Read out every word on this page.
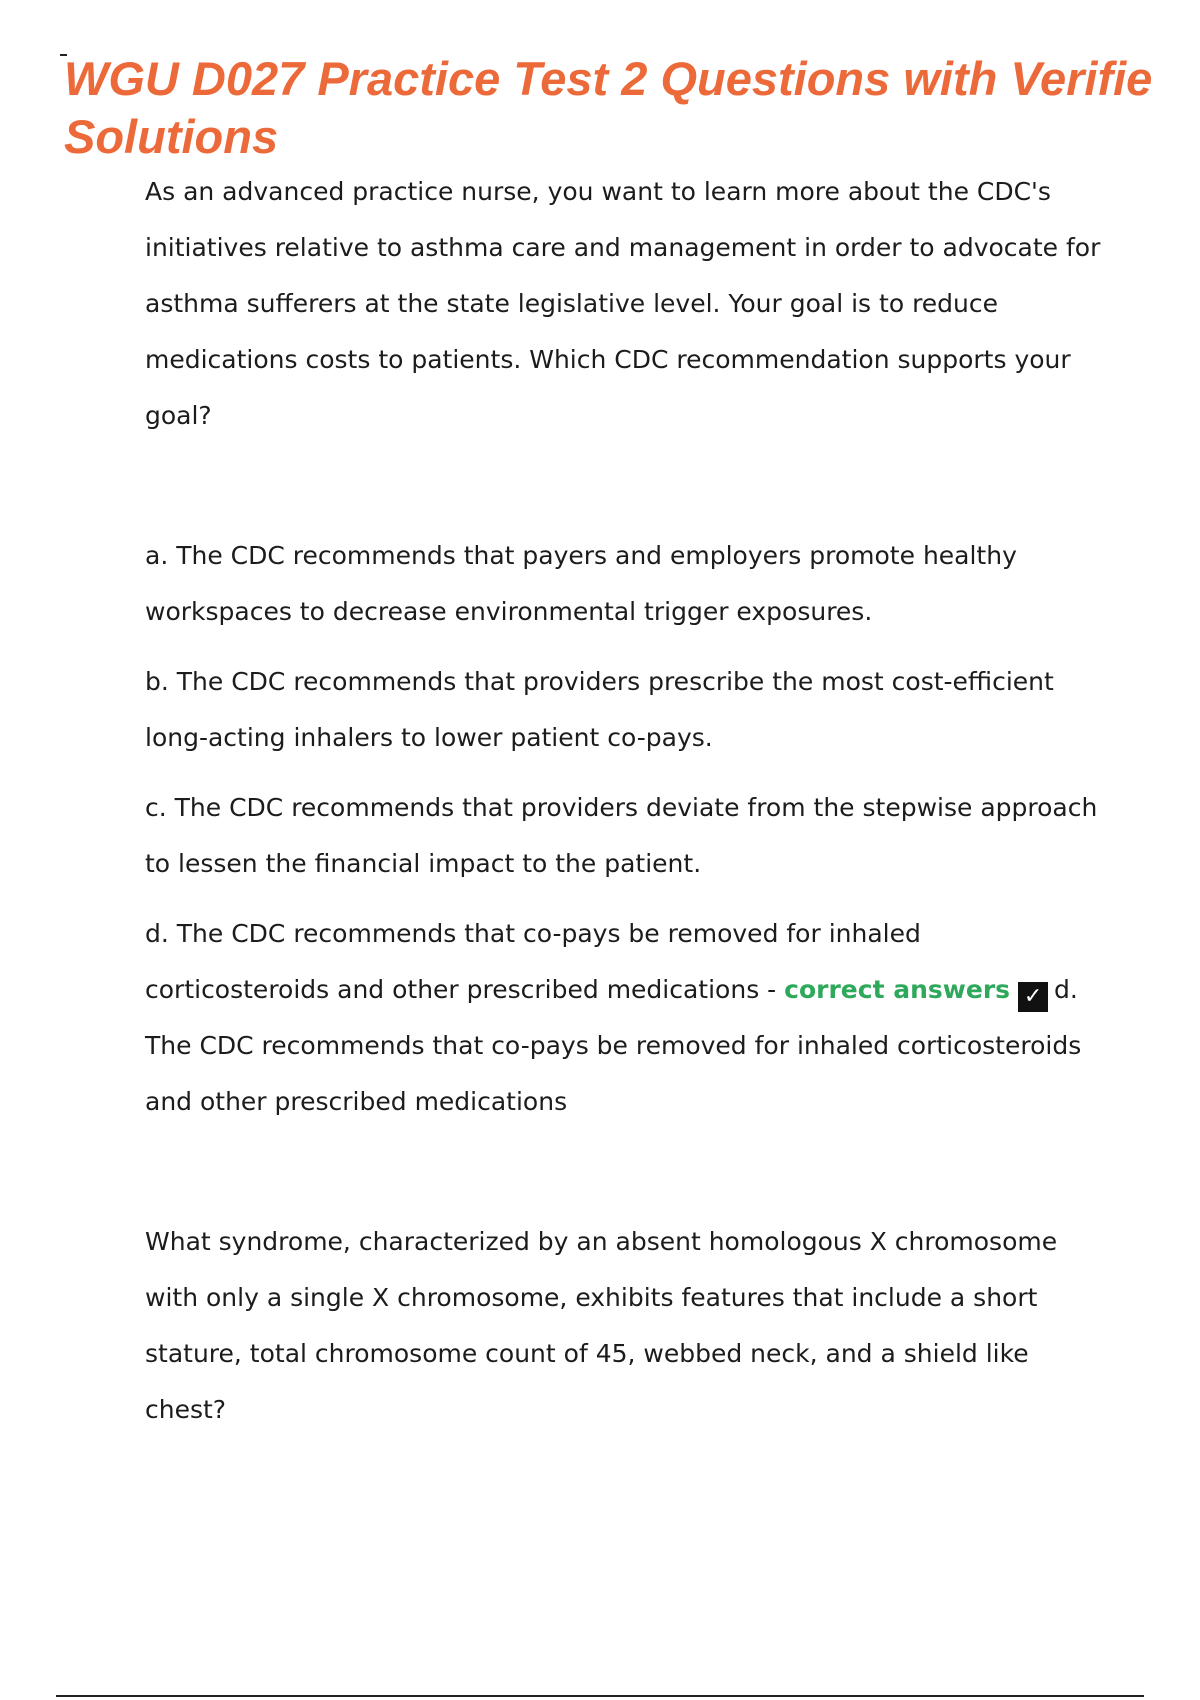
WGU D027 Practice Test 2 Questions with Verifie
Solutions

As an advanced practice nurse, you want to learn more about the CDC's initiatives relative to asthma care and management in order to advocate for asthma sufferers at the state legislative level. Your goal is to reduce medications costs to patients. Which CDC recommendation supports your goal?

a. The CDC recommends that payers and employers promote healthy workspaces to decrease environmental trigger exposures.

b. The CDC recommends that providers prescribe the most cost-efficient long-acting inhalers to lower patient co-pays.

c. The CDC recommends that providers deviate from the stepwise approach to lessen the financial impact to the patient.

d. The CDC recommends that co-pays be removed for inhaled corticosteroids and other prescribed medications - correct answers ✓ d. The CDC recommends that co-pays be removed for inhaled corticosteroids and other prescribed medications

What syndrome, characterized by an absent homologous X chromosome with only a single X chromosome, exhibits features that include a short stature, total chromosome count of 45, webbed neck, and a shield like chest?
